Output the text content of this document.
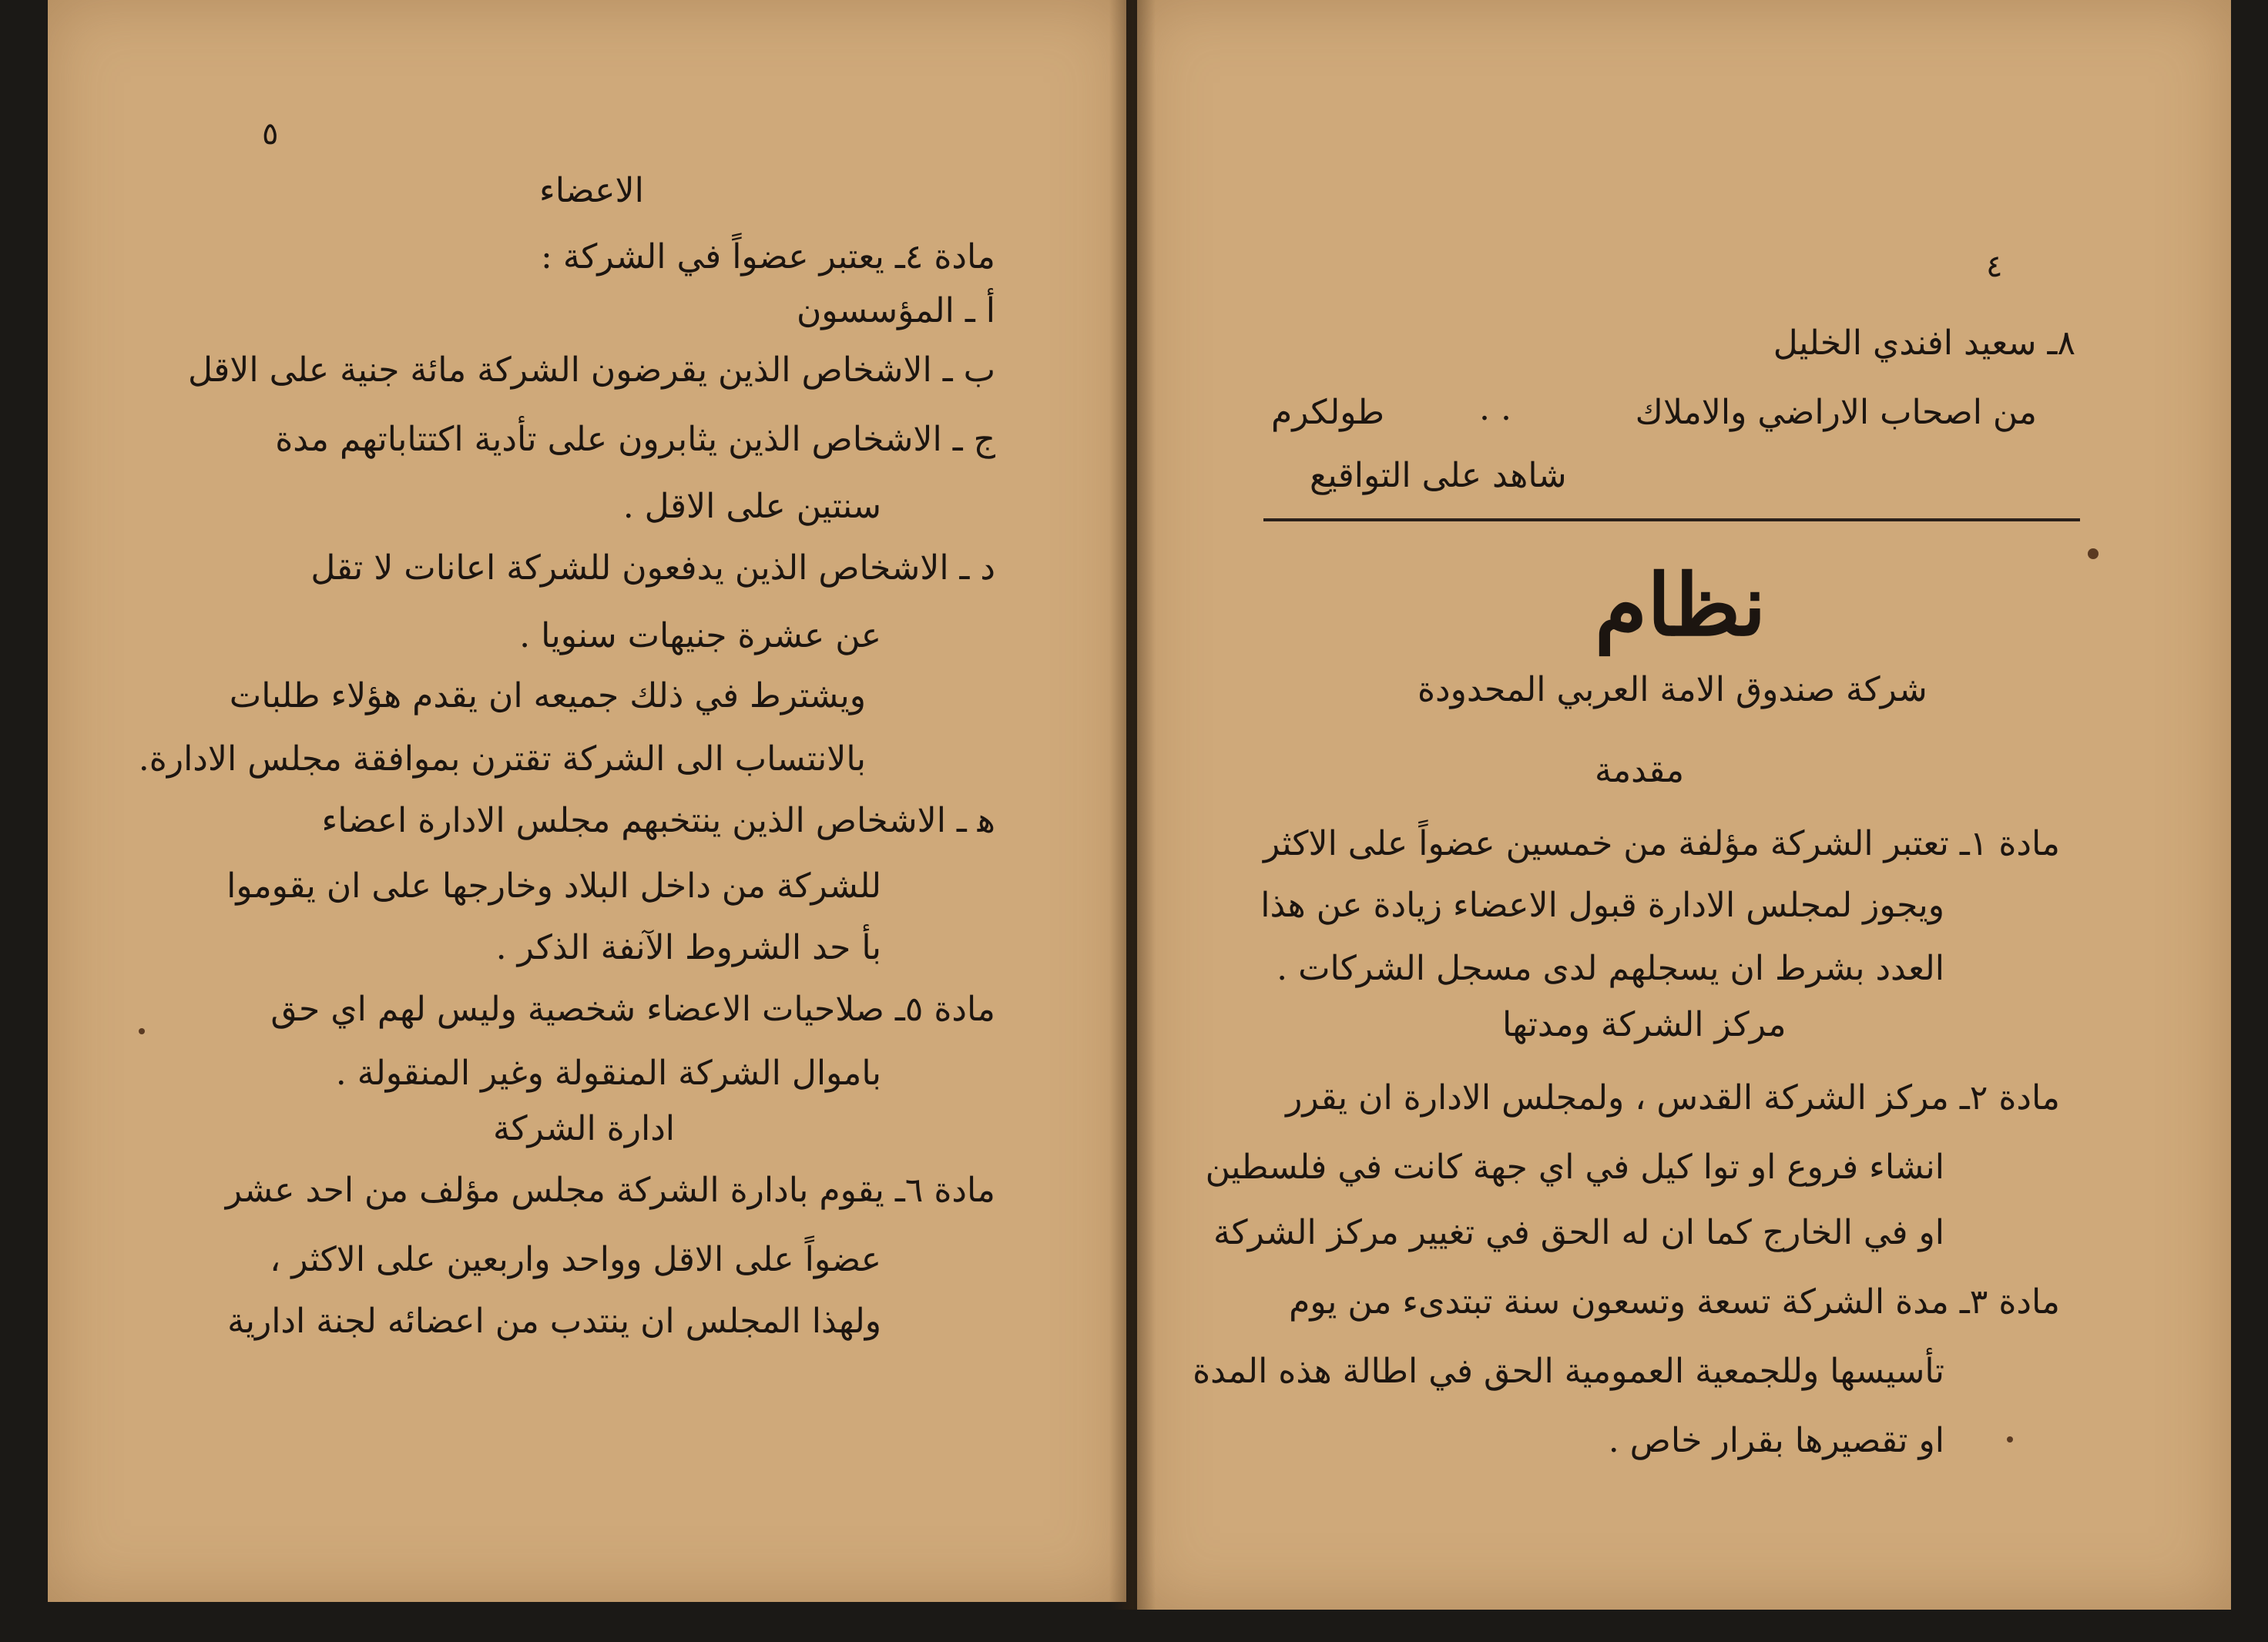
٥
الاعضاء
مادة ٤ـ يعتبر عضواً في الشركة :
أ ـ المؤسسون
ب ـ الاشخاص الذين يقرضون الشركة مائة جنية على الاقل
ج ـ الاشخاص الذين يثابرون على تأدية اكتتاباتهم مدة
سنتين على الاقل .
د ـ الاشخاص الذين يدفعون للشركة اعانات لا تقل
عن عشرة جنيهات سنويا .
ويشترط في ذلك جميعه ان يقدم هؤلاء طلبات
بالانتساب الى الشركة تقترن بموافقة مجلس الادارة.
ﻫ ـ الاشخاص الذين ينتخبهم مجلس الادارة اعضاء
للشركة من داخل البلاد وخارجها على ان يقوموا
بأ حد الشروط الآنفة الذكر .
مادة ٥ـ صلاحيات الاعضاء شخصية وليس لهم اي حق
باموال الشركة المنقولة وغير المنقولة .
ادارة الشركة
مادة ٦ـ يقوم بادارة الشركة مجلس مؤلف من احد عشر
عضواً على الاقل وواحد واربعين على الاكثر ،
ولهذا المجلس ان ينتدب من اعضائه لجنة ادارية
٤
٨ـ سعيد افندي الخليل
من اصحاب الاراضي والاملاك
. .
طولكرم
شاهد على التواقيع
نظام
شركة صندوق الامة العربي المحدودة
مقدمة
مادة ١ـ تعتبر الشركة مؤلفة من خمسين عضواً على الاكثر
ويجوز لمجلس الادارة قبول الاعضاء زيادة عن هذا
العدد بشرط ان يسجلهم لدى مسجل الشركات .
مركز الشركة ومدتها
مادة ٢ـ مركز الشركة القدس ، ولمجلس الادارة ان يقرر
انشاء فروع او توا كيل في اي جهة كانت في فلسطين
او في الخارج كما ان له الحق في تغيير مركز الشركة
مادة ٣ـ مدة الشركة تسعة وتسعون سنة تبتدىء من يوم
تأسيسها وللجمعية العمومية الحق في اطالة هذه المدة
او تقصيرها بقرار خاص .
